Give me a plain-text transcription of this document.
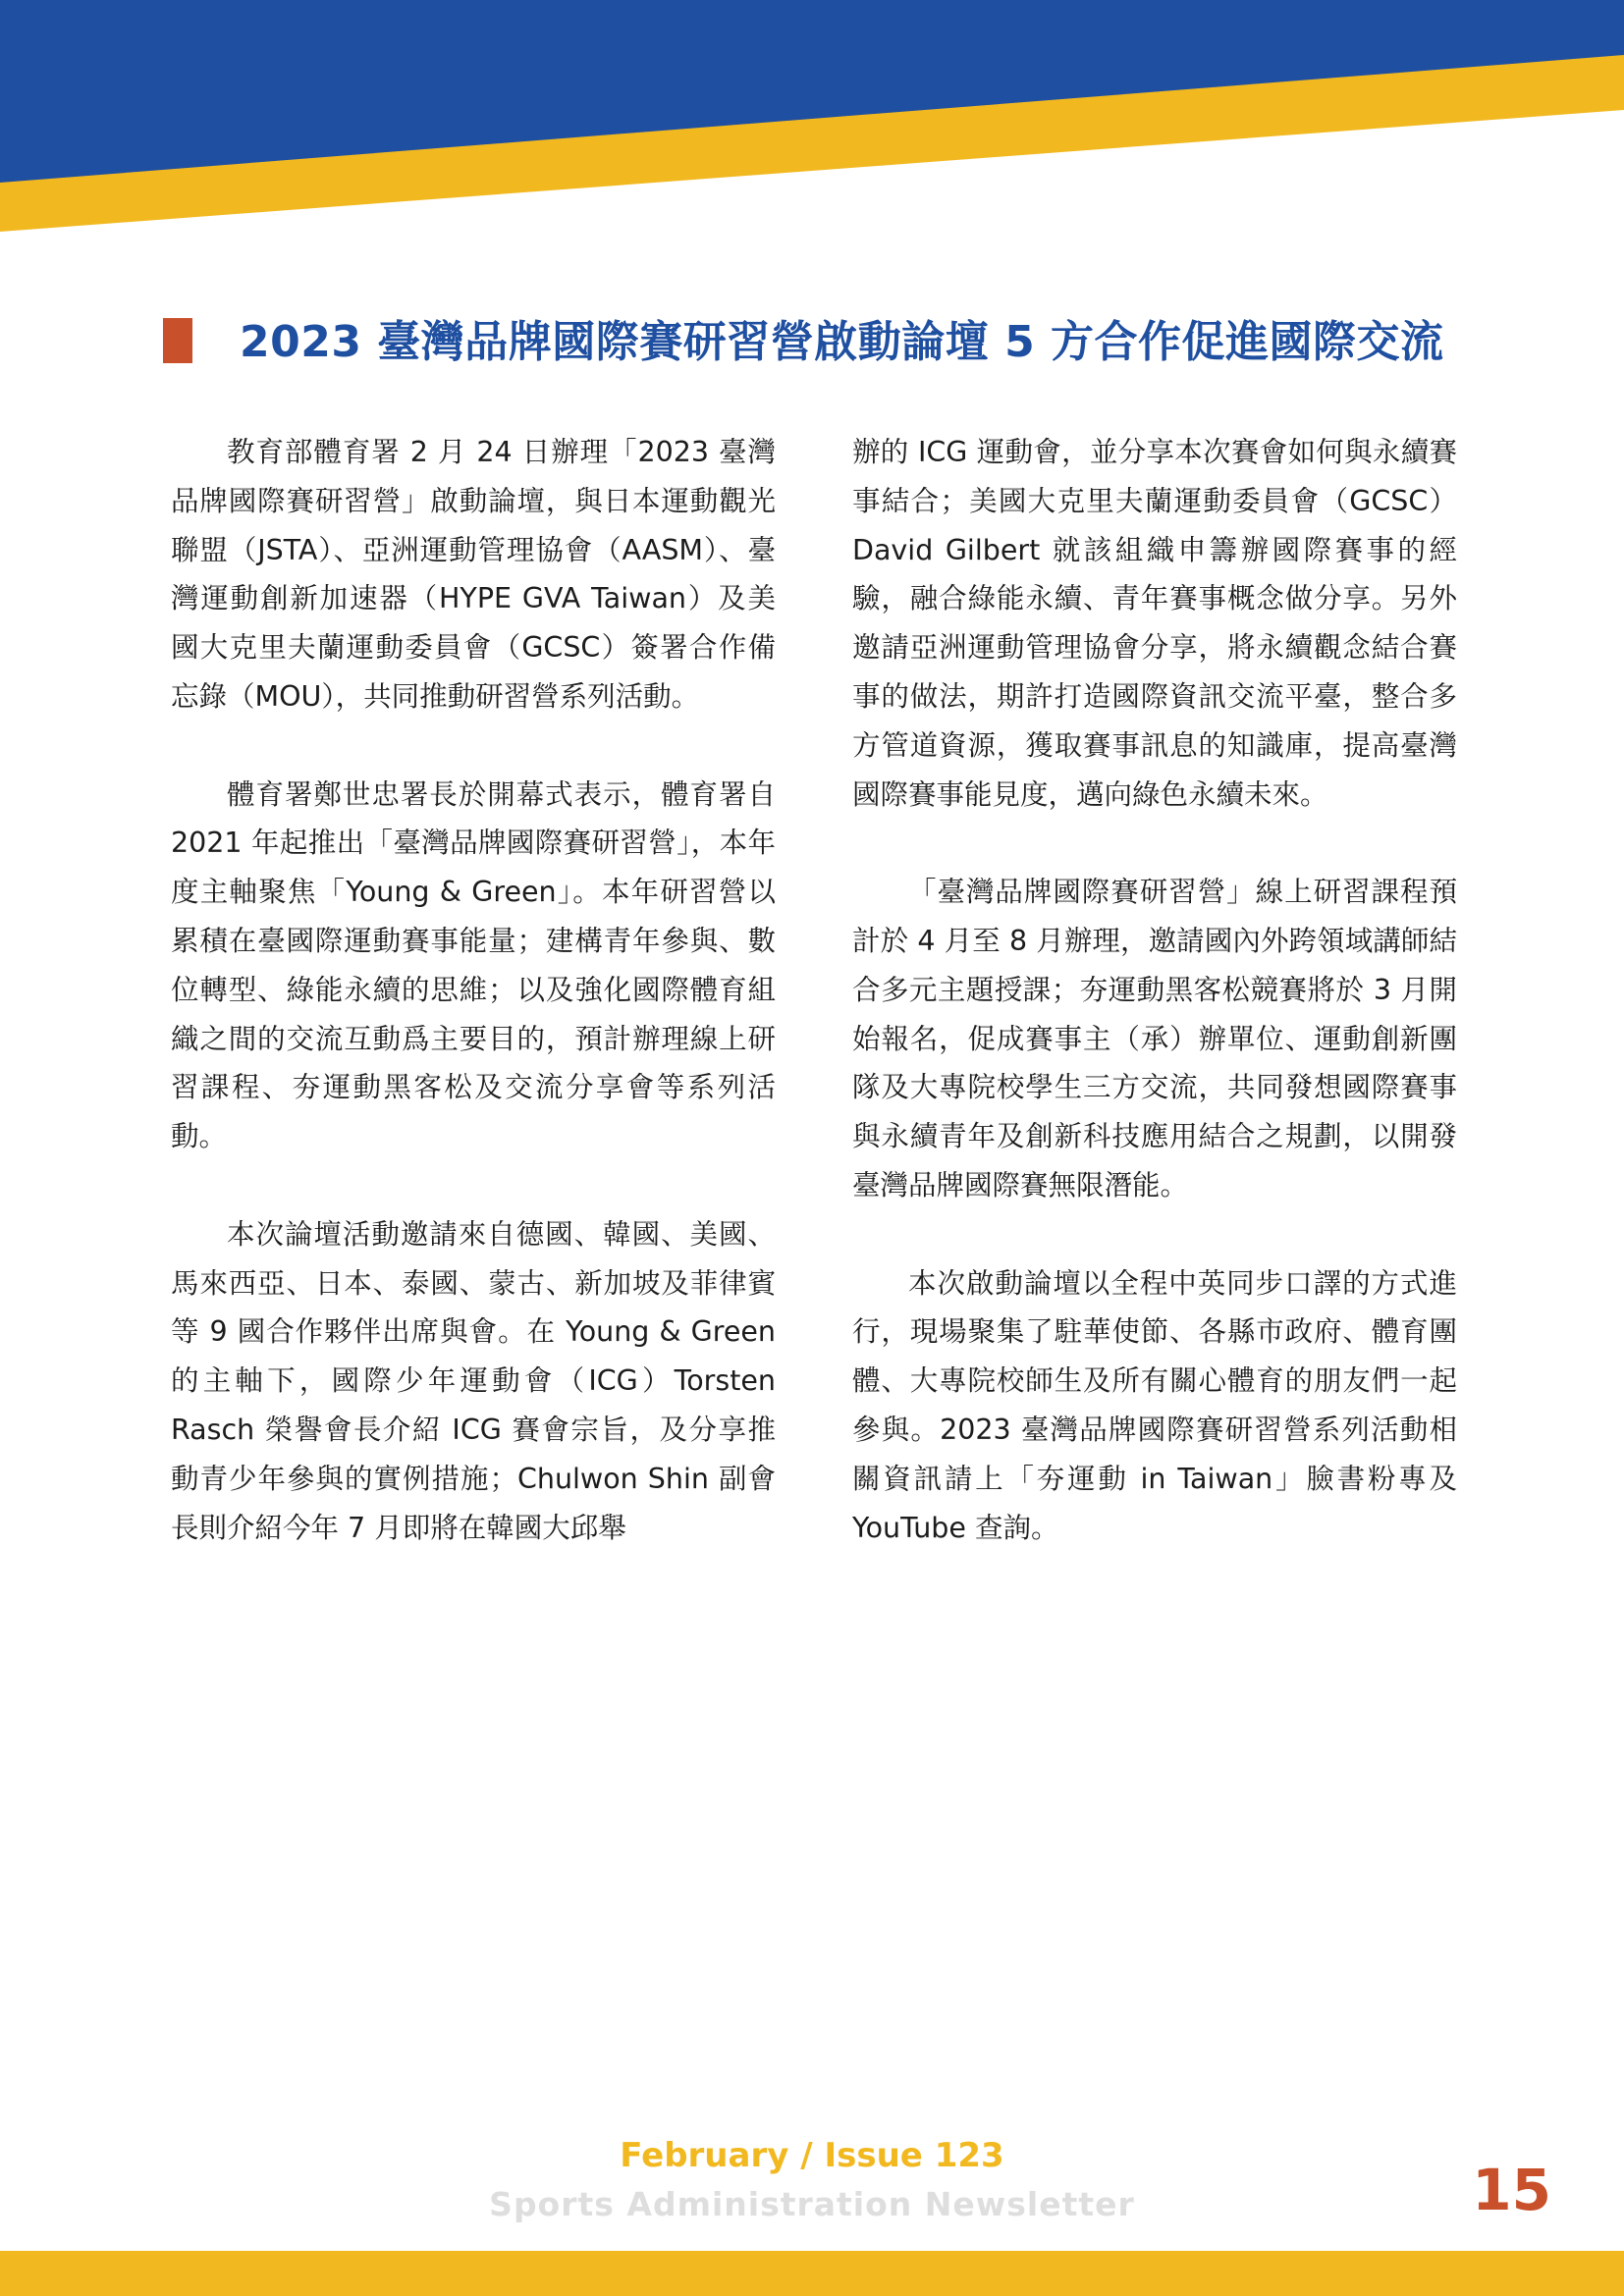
2023 臺灣品牌國際賽研習營啟動論壇 5 方合作促進國際交流

教育部體育署 2 月 24 日辦理「2023 臺灣品牌國際賽研習營」啟動論壇，與日本運動觀光聯盟（JSTA）、亞洲運動管理協會（AASM）、臺灣運動創新加速器（HYPE GVA Taiwan）及美國大克里夫蘭運動委員會（GCSC）簽署合作備忘錄（MOU），共同推動研習營系列活動。

體育署鄭世忠署長於開幕式表示，體育署自 2021 年起推出「臺灣品牌國際賽研習營」，本年度主軸聚焦「Young & Green」。本年研習營以累積在臺國際運動賽事能量；建構青年參與、數位轉型、綠能永續的思維；以及強化國際體育組織之間的交流互動爲主要目的，預計辦理線上研習課程、夯運動黑客松及交流分享會等系列活動。

本次論壇活動邀請來自德國、韓國、美國、馬來西亞、日本、泰國、蒙古、新加坡及菲律賓等 9 國合作夥伴出席與會。在 Young & Green 的主軸下，國際少年運動會（ICG）Torsten Rasch 榮譽會長介紹 ICG 賽會宗旨，及分享推動青少年參與的實例措施；Chulwon Shin 副會長則介紹今年 7 月即將在韓國大邱舉

辦的 ICG 運動會，並分享本次賽會如何與永續賽事結合；美國大克里夫蘭運動委員會（GCSC）David Gilbert 就該組織申籌辦國際賽事的經驗，融合綠能永續、青年賽事概念做分享。另外邀請亞洲運動管理協會分享，將永續觀念結合賽事的做法，期許打造國際資訊交流平臺，整合多方管道資源，獲取賽事訊息的知識庫，提高臺灣國際賽事能見度，邁向綠色永續未來。

「臺灣品牌國際賽研習營」線上研習課程預計於 4 月至 8 月辦理，邀請國內外跨領域講師結合多元主題授課；夯運動黑客松競賽將於 3 月開始報名，促成賽事主（承）辦單位、運動創新團隊及大專院校學生三方交流，共同發想國際賽事與永續青年及創新科技應用結合之規劃，以開發臺灣品牌國際賽無限潛能。

本次啟動論壇以全程中英同步口譯的方式進行，現場聚集了駐華使節、各縣市政府、體育團體、大專院校師生及所有關心體育的朋友們一起參與。2023 臺灣品牌國際賽研習營系列活動相關資訊請上「夯運動 in Taiwan」臉書粉專及 YouTube 查詢。

February / Issue 123
Sports Administration Newsletter	15
